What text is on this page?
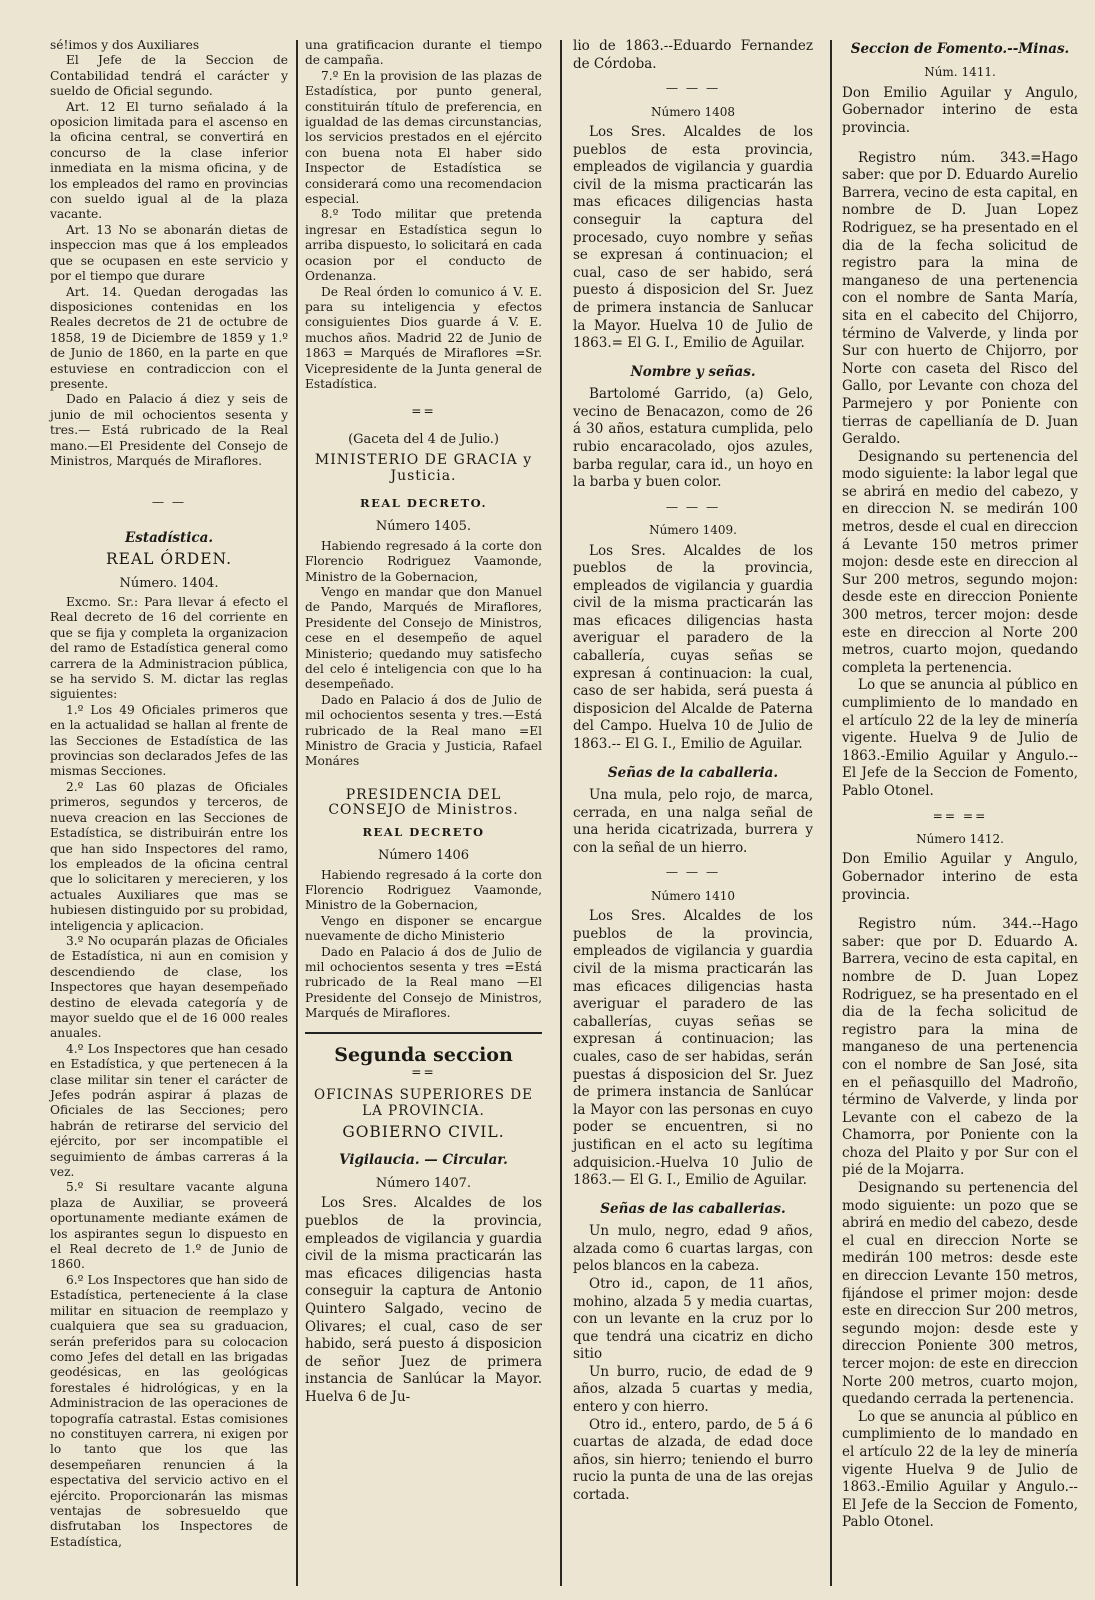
sé!imos y dos Auxiliares

El Jefe de la Seccion de Contabilidad tendrá el carácter y sueldo de Oficial segundo.

Art. 12 El turno señalado á la oposicion limitada para el ascenso en la oficina central, se convertirá en concurso de la clase inferior inmediata en la misma oficina, y de los empleados del ramo en provincias con sueldo igual al de la plaza vacante.

Art. 13 No se abonarán dietas de inspeccion mas que á los empleados que se ocupasen en este servicio y por el tiempo que durare

Art. 14. Quedan derogadas las disposiciones contenidas en los Reales decretos de 21 de octubre de 1858, 19 de Diciembre de 1859 y 1.º de Junio de 1860, en la parte en que estuviese en contradiccion con el presente.

Dado en Palacio á diez y seis de junio de mil ochocientos sesenta y tres.— Está rubricado de la Real mano.—El Presidente del Consejo de Ministros, Marqués de Miraflores.

— —
Estadística.
REAL ÓRDEN.
Número. 1404.

Excmo. Sr.: Para llevar á efecto el Real decreto de 16 del corriente en que se fija y completa la organizacion del ramo de Estadística general como carrera de la Administracion pública, se ha servido S. M. dictar las reglas siguientes:

1.º Los 49 Oficiales primeros que en la actualidad se hallan al frente de las Secciones de Estadística de las provincias son declarados Jefes de las mismas Secciones.

2.º Las 60 plazas de Oficiales primeros, segundos y terceros, de nueva creacion en las Secciones de Estadística, se distribuirán entre los que han sido Inspectores del ramo, los empleados de la oficina central que lo solicitaren y merecieren, y los actuales Auxiliares que mas se hubiesen distinguido por su probidad, inteligencia y aplicacion.

3.º No ocuparán plazas de Oficiales de Estadística, ni aun en comision y descendiendo de clase, los Inspectores que hayan desempeñado destino de elevada categoría y de mayor sueldo que el de 16 000 reales anuales.

4.º Los Inspectores que han cesado en Estadística, y que pertenecen á la clase militar sin tener el carácter de Jefes podrán aspirar á plazas de Oficiales de las Secciones; pero habrán de retirarse del servicio del ejército, por ser incompatible el seguimiento de ámbas carreras á la vez.

5.º Si resultare vacante alguna plaza de Auxiliar, se proveerá oportunamente mediante exámen de los aspirantes segun lo dispuesto en el Real decreto de 1.º de Junio de 1860.

6.º Los Inspectores que han sido de Estadística, perteneciente á la clase militar en situacion de reemplazo y cualquiera que sea su graduacion, serán preferidos para su colocacion como Jefes del detall en las brigadas geodésicas, en las geológicas forestales é hidrológicas, y en la Administracion de las operaciones de topografía catrastal. Estas comisiones no constituyen carrera, ni exigen por lo tanto que los que las desempeñaren renuncien á la espectativa del servicio activo en el ejército. Proporcionarán las mismas ventajas de sobresueldo que disfrutaban los Inspectores de Estadística,

una gratificacion durante el tiempo de campaña.

7.º En la provision de las plazas de Estadística, por punto general, constituirán título de preferencia, en igualdad de las demas circunstancias, los servicios prestados en el ejército con buena nota El haber sido Inspector de Estadística se considerará como una recomendacion especial.

8.º Todo militar que pretenda ingresar en Estadística segun lo arriba dispuesto, lo solicitará en cada ocasion por el conducto de Ordenanza.

De Real órden lo comunico á V. E. para su inteligencia y efectos consiguientes Dios guarde á V. E. muchos años. Madrid 22 de Junio de 1863 = Marqués de Miraflores =Sr. Vicepresidente de la Junta general de Estadística.

==
(Gaceta del 4 de Julio.)
MINISTERIO DE GRACIA y Justicia.
REAL DECRETO.
Número 1405.

Habiendo regresado á la corte don Florencio Rodriguez Vaamonde, Ministro de la Gobernacion,

Vengo en mandar que don Manuel de Pando, Marqués de Miraflores, Presidente del Consejo de Ministros, cese en el desempeño de aquel Ministerio; quedando muy satisfecho del celo é inteligencia con que lo ha desempeñado.

Dado en Palacio á dos de Julio de mil ochocientos sesenta y tres.—Está rubricado de la Real mano =El Ministro de Gracia y Justicia, Rafael Monáres

PRESIDENCIA DEL CONSEJO de Ministros.
REAL DECRETO
Número 1406

Habiendo regresado á la corte don Florencio Rodriguez Vaamonde, Ministro de la Gobernacion,

Vengo en disponer se encargue nuevamente de dicho Ministerio

Dado en Palacio á dos de Julio de mil ochocientos sesenta y tres =Está rubricado de la Real mano —El Presidente del Consejo de Ministros, Marqués de Miraflores.

Segunda seccion
==
OFICINAS SUPERIORES DE LA PROVINCIA.
GOBIERNO CIVIL.
Vigilaucia. — Circular.
Número 1407.

Los Sres. Alcaldes de los pueblos de la provincia, empleados de vigilancia y guardia civil de la misma practicarán las mas eficaces diligencias hasta conseguir la captura de Antonio Quintero Salgado, vecino de Olivares; el cual, caso de ser habido, será puesto á disposicion de señor Juez de primera instancia de Sanlúcar la Mayor. Huelva 6 de Ju-

lio de 1863.--Eduardo Fernandez de Córdoba.

— — —
Número 1408

Los Sres. Alcaldes de los pueblos de esta provincia, empleados de vigilancia y guardia civil de la misma practicarán las mas eficaces diligencias hasta conseguir la captura del procesado, cuyo nombre y señas se expresan á continuacion; el cual, caso de ser habido, será puesto á disposicion del Sr. Juez de primera instancia de Sanlucar la Mayor. Huelva 10 de Julio de 1863.= El G. I., Emilio de Aguilar.

Nombre y señas.

Bartolomé Garrido, (a) Gelo, vecino de Benacazon, como de 26 á 30 años, estatura cumplida, pelo rubio encaracolado, ojos azules, barba regular, cara id., un hoyo en la barba y buen color.

— — —
Número 1409.

Los Sres. Alcaldes de los pueblos de la provincia, empleados de vigilancia y guardia civil de la misma practicarán las mas eficaces diligencias hasta averiguar el paradero de la caballería, cuyas señas se expresan á continuacion: la cual, caso de ser habida, será puesta á disposicion del Alcalde de Paterna del Campo. Huelva 10 de Julio de 1863.-- El G. I., Emilio de Aguilar.

Señas de la caballeria.

Una mula, pelo rojo, de marca, cerrada, en una nalga señal de una herida cicatrizada, burrera y con la señal de un hierro.

— — —
Número 1410

Los Sres. Alcaldes de los pueblos de la provincia, empleados de vigilancia y guardia civil de la misma practicarán las mas eficaces diligencias hasta averiguar el paradero de las caballerías, cuyas señas se expresan á continuacion; las cuales, caso de ser habidas, serán puestas á disposicion del Sr. Juez de primera instancia de Sanlúcar la Mayor con las personas en cuyo poder se encuentren, si no justifican en el acto su legítima adquisicion.-Huelva 10 Julio de 1863.— El G. I., Emilio de Aguilar.

Señas de las caballerias.

Un mulo, negro, edad 9 años, alzada como 6 cuartas largas, con pelos blancos en la cabeza.

Otro id., capon, de 11 años, mohino, alzada 5 y media cuartas, con un levante en la cruz por lo que tendrá una cicatriz en dicho sitio

Un burro, rucio, de edad de 9 años, alzada 5 cuartas y media, entero y con hierro.

Otro id., entero, pardo, de 5 á 6 cuartas de alzada, de edad doce años, sin hierro; teniendo el burro rucio la punta de una de las orejas cortada.

Seccion de Fomento.--Minas.
Núm. 1411.

Don Emilio Aguilar y Angulo, Gobernador interino de esta provincia.

Registro núm. 343.=Hago saber: que por D. Eduardo Aurelio Barrera, vecino de esta capital, en nombre de D. Juan Lopez Rodriguez, se ha presentado en el dia de la fecha solicitud de registro para la mina de manganeso de una pertenencia con el nombre de Santa María, sita en el cabecito del Chijorro, término de Valverde, y linda por Sur con huerto de Chijorro, por Norte con caseta del Risco del Gallo, por Levante con choza del Parmejero y por Poniente con tierras de capellianía de D. Juan Geraldo.

Designando su pertenencia del modo siguiente: la labor legal que se abrirá en medio del cabezo, y en direccion N. se medirán 100 metros, desde el cual en direccion á Levante 150 metros primer mojon: desde este en direccion al Sur 200 metros, segundo mojon: desde este en direccion Poniente 300 metros, tercer mojon: desde este en direccion al Norte 200 metros, cuarto mojon, quedando completa la pertenencia.

Lo que se anuncia al público en cumplimiento de lo mandado en el artículo 22 de la ley de minería vigente. Huelva 9 de Julio de 1863.-Emilio Aguilar y Angulo.-- El Jefe de la Seccion de Fomento, Pablo Otonel.

== ==
Número 1412.

Don Emilio Aguilar y Angulo, Gobernador interino de esta provincia.

Registro núm. 344.--Hago saber: que por D. Eduardo A. Barrera, vecino de esta capital, en nombre de D. Juan Lopez Rodriguez, se ha presentado en el dia de la fecha solicitud de registro para la mina de manganeso de una pertenencia con el nombre de San José, sita en el peñasquillo del Madroño, término de Valverde, y linda por Levante con el cabezo de la Chamorra, por Poniente con la choza del Plaito y por Sur con el pié de la Mojarra.

Designando su pertenencia del modo siguiente: un pozo que se abrirá en medio del cabezo, desde el cual en direccion Norte se medirán 100 metros: desde este en direccion Levante 150 metros, fijándose el primer mojon: desde este en direccion Sur 200 metros, segundo mojon: desde este y direccion Poniente 300 metros, tercer mojon: de este en direccion Norte 200 metros, cuarto mojon, quedando cerrada la pertenencia.

Lo que se anuncia al público en cumplimiento de lo mandado en el artículo 22 de la ley de minería vigente Huelva 9 de Julio de 1863.-Emilio Aguilar y Angulo.-- El Jefe de la Seccion de Fomento, Pablo Otonel.
